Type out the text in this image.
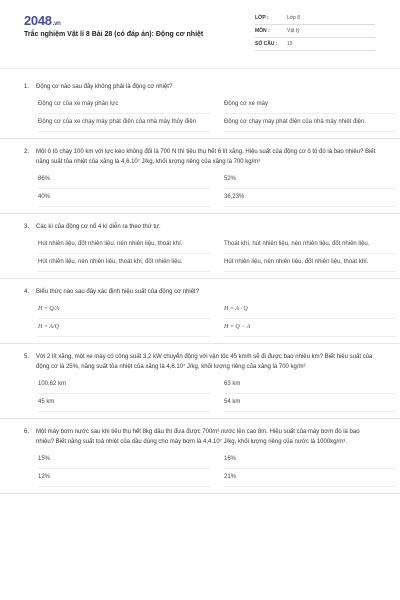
2048.vn
Trắc nghiệm Vật lí 8 Bài 28 (có đáp án): Động cơ nhiệt
LỚP :	Lớp 8
MÔN :	Vật lý
SỐ CÂU :	15
1.	Động cơ nào sau đây không phải là động cơ nhiệt?
Động cơ của xe máy phản lực	Động cơ xe máy
Động cơ của xe chạy máy phát điện của nhà máy thủy điện	Động cơ chạy máy phát điện của nhà máy nhiệt điện.
2.	Một ô tô chạy 100 km với lực kéo không đổi là 700 N thì tiêu thụ hết 6 lít xăng. Hiệu suất của động cơ ô tô đó là bao nhiêu? Biết năng suất tỏa nhiệt của xăng là 4,6.10⁷ J/kg, khối lượng riêng của xăng là 700 kg/m³
86%	52%
40%	36,23%
3.	Các kì của động cơ nổ 4 kì diễn ra theo thứ tự:
Hút nhiên liệu, đốt nhiên liệu, nén nhiên liệu, thoát khí.	Thoát khí, hút nhiên liệu, nén nhiên liệu, đốt nhiên liệu.
Hút nhiên liệu, nén nhiên liệu, thoát khí, đốt nhiên liệu.	Hút nhiên liệu, nén nhiên liệu, đốt nhiên liệu, thoát khí.
4.	Biểu thức nào sau đây xác định hiệu suất của động cơ nhiệt?
H = Q/A	H = A · Q
H = A/Q	H = Q − A
5.	Với 2 lít xăng, một xe máy có công suất 3,2 kW chuyển động với vận tốc 45 km/h sẽ đi được bao nhiêu km? Biết hiệu suất của động cơ là 25%, năng suất tỏa nhiệt của xăng là 4,6.10⁷ J/kg, khối lượng riêng của xăng là 700 kg/m³
100,62 km	63 km
45 km	54 km
6.	Một máy bơm nước sau khi tiêu thụ hết 8kg dầu thì đưa được 700m³ nước lên cao 8m. Hiệu suất của máy bơm đó là bao nhiêu? Biết năng suất toả nhiệt của dầu dùng cho máy bơm là 4,4.10⁷ J/kg, khối lượng riêng của nước là 1000kg/m³.
15%	16%
12%	21%
